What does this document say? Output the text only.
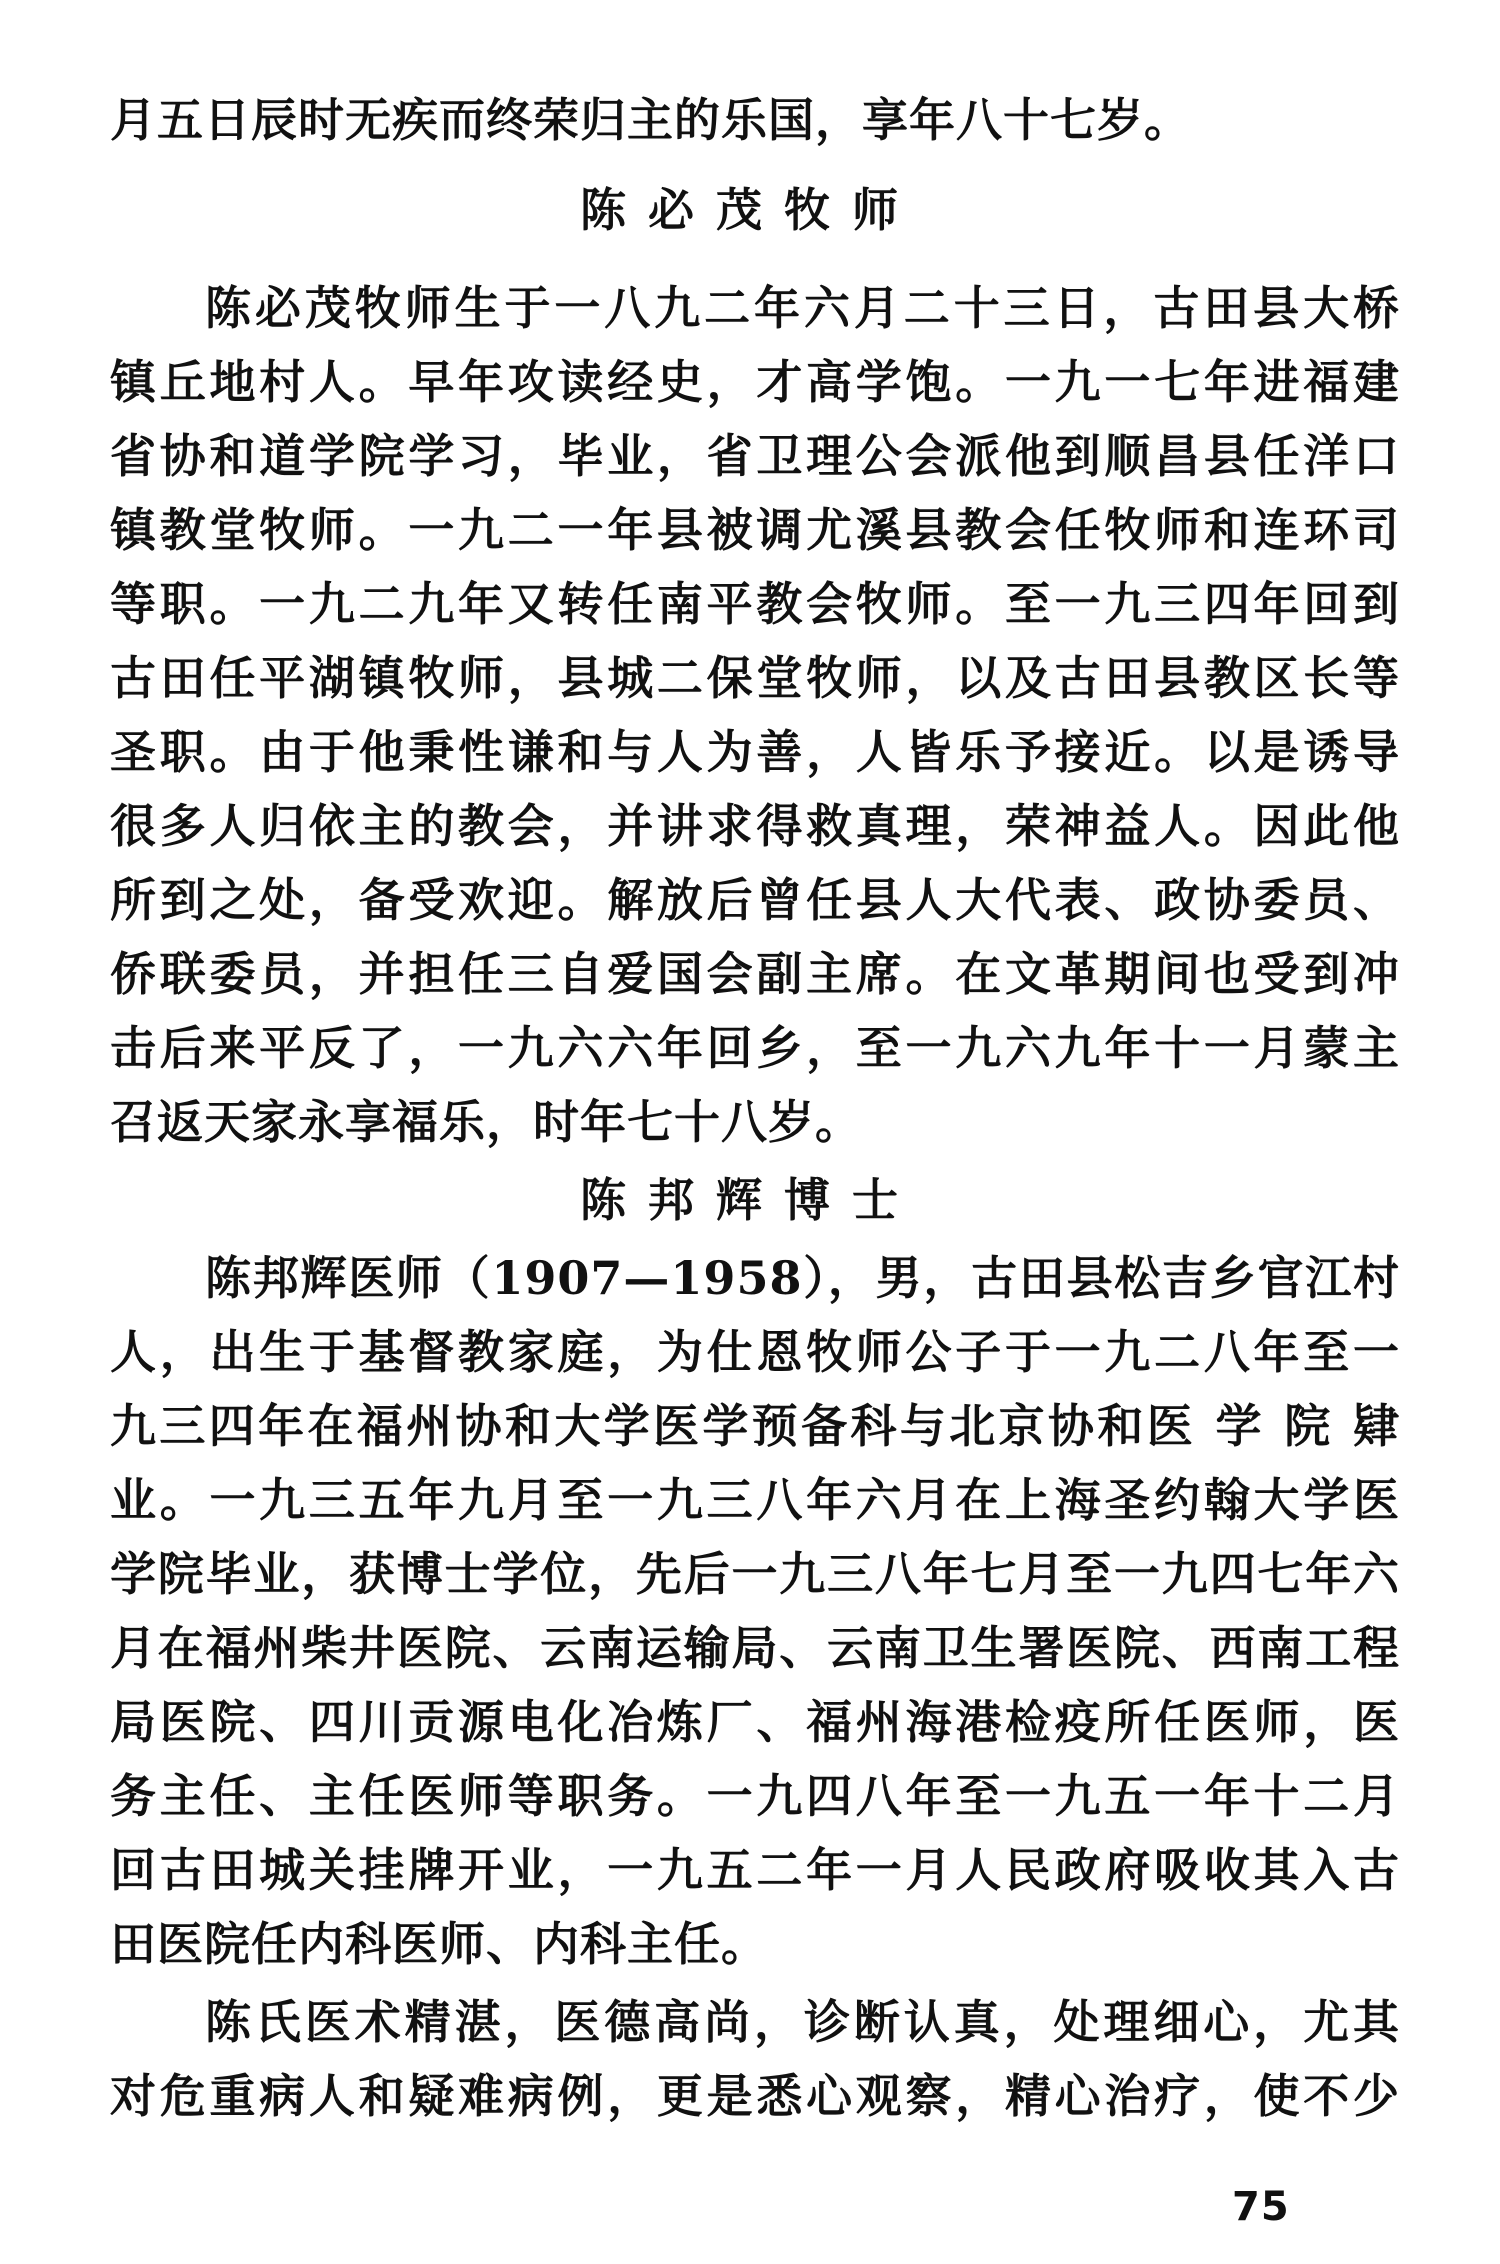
月五日辰时无疾而终荣归主的乐国，享年八十七岁。
陈必茂牧师
陈必茂牧师生于一八九二年六月二十三日，古田县大桥
镇丘地村人。早年攻读经史，才高学饱。一九一七年进福建
省协和道学院学习，毕业，省卫理公会派他到顺昌县任洋口
镇教堂牧师。一九二一年县被调尤溪县教会任牧师和连环司
等职。一九二九年又转任南平教会牧师。至一九三四年回到
古田任平湖镇牧师，县城二保堂牧师，以及古田县教区长等
圣职。由于他秉性谦和与人为善，人皆乐予接近。以是诱导
很多人归依主的教会，并讲求得救真理，荣神益人。因此他
所到之处，备受欢迎。解放后曾任县人大代表、政协委员、
侨联委员，并担任三自爱国会副主席。在文革期间也受到冲
击后来平反了，一九六六年回乡，至一九六九年十一月蒙主
召返天家永享福乐，时年七十八岁。
陈邦辉博士
陈邦辉医师（1907—1958），男，古田县松吉乡官江村
人，出生于基督教家庭，为仕恩牧师公子于一九二八年至一
九三四年在福州协和大学医学预备科与北京协和医 学 院 肄
业。一九三五年九月至一九三八年六月在上海圣约翰大学医
学院毕业，获博士学位，先后一九三八年七月至一九四七年六
月在福州柴井医院、云南运输局、云南卫生署医院、西南工程
局医院、四川贡源电化冶炼厂、福州海港检疫所任医师，医
务主任、主任医师等职务。一九四八年至一九五一年十二月
回古田城关挂牌开业，一九五二年一月人民政府吸收其入古
田医院任内科医师、内科主任。
陈氏医术精湛，医德高尚，诊断认真，处理细心，尤其
对危重病人和疑难病例，更是悉心观察，精心治疗，使不少
75
